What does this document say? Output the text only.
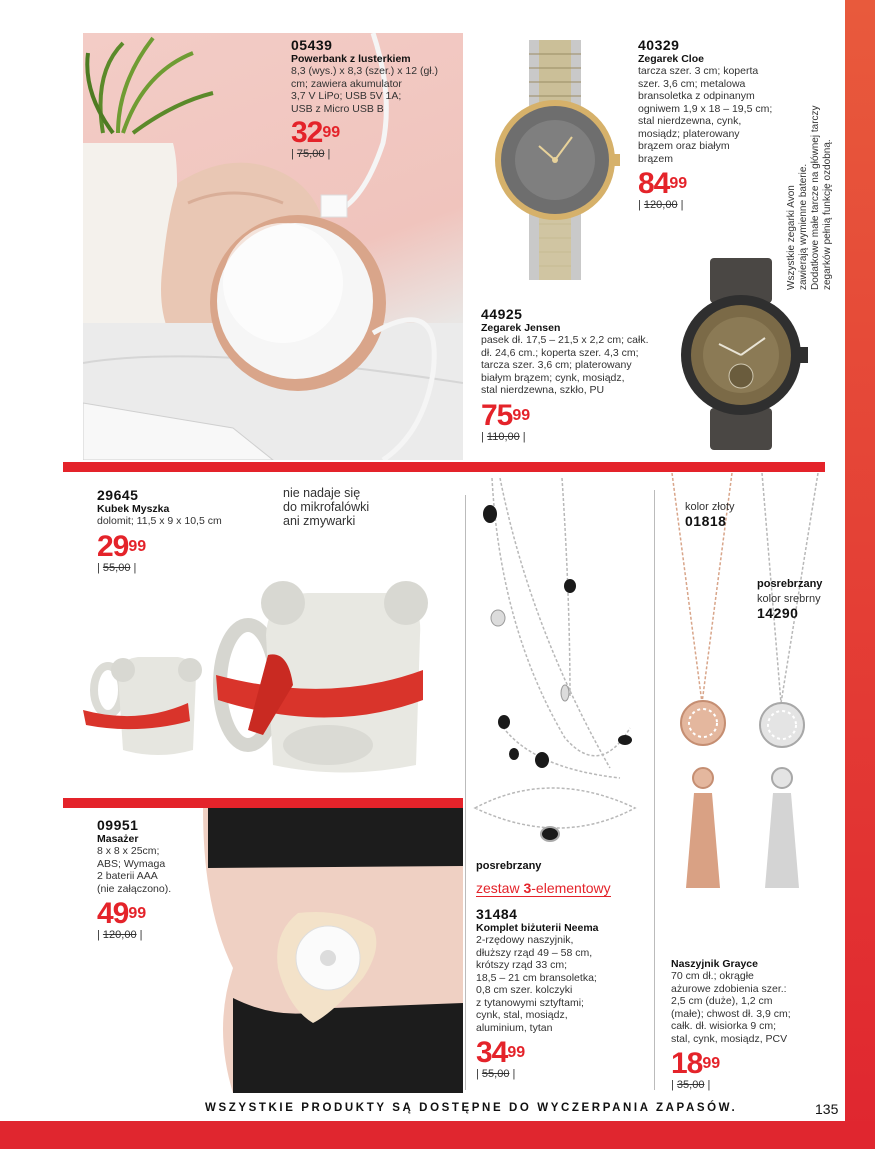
05439
Powerbank z lusterkiem
8,3 (wys.) x 8,3 (szer.) x 12 (gł.)
cm; zawiera akumulator
3,7 V LiPo; USB 5V 1A;
USB z Micro USB B
$32^{99}$
| 75,00 |
40329
Zegarek Cloe
tarcza szer. 3 cm; koperta
szer. 3,6 cm; metalowa
bransoletka z odpinanym
ogniwem 1,9 x 18 – 19,5 cm;
stal nierdzewna, cynk,
mosiądz; platerowany
brązem oraz białym
brązem
$84^{99}$
| 120,00 |
Wszystkie zegarki Avon
zawierają wymienne baterie.
Dodatkowe małe tarcze na głównej tarczy
zegarków pełnią funkcję ozdobną.
44925
Zegarek Jensen
pasek dł. 17,5 – 21,5 x 2,2 cm; całk.
dł. 24,6 cm.; koperta szer. 4,3 cm;
tarcza szer. 3,6 cm; platerowany
białym brązem; cynk, mosiądz,
stal nierdzewna, szkło, PU
$75^{99}$
| 110,00 |
29645
Kubek Myszka
dolomit; 11,5 x 9 x 10,5 cm
$29^{99}$
| 55,00 |
nie nadaje się
do mikrofalówki
ani zmywarki
09951
Masażer
8 x 8 x 25cm;
ABS; Wymaga
2 baterii AAA
(nie załączono).
$49^{99}$
| 120,00 |
posrebrzany
zestaw 3-elementowy
31484
Komplet biżuterii Neema
2-rzędowy naszyjnik,
dłuższy rząd 49 – 58 cm,
krótszy rząd 33 cm;
18,5 – 21 cm bransoletka;
0,8 cm szer. kolczyki
z tytanowymi sztyftami;
cynk, stal, mosiądz,
aluminium, tytan
$34^{99}$
| 55,00 |
kolor złoty
01818
posrebrzany
kolor srebrny
14290
Naszyjnik Grayce
70 cm dł.; okrągłe
ażurowe zdobienia szer.:
2,5 cm (duże), 1,2 cm
(małe); chwost dł. 3,9 cm;
całk. dł. wisiorka 9 cm;
stal, cynk, mosiądz, PCV
$18^{99}$
| 35,00 |
WSZYSTKIE PRODUKTY SĄ DOSTĘPNE DO WYCZERPANIA ZAPASÓW.	135
